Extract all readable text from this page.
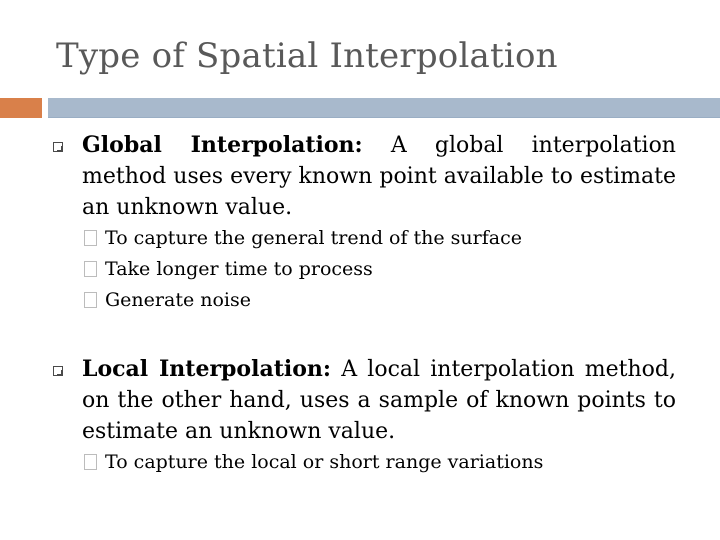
Type of Spatial Interpolation
Global Interpolation: A global interpolation method uses every known point available to estimate an unknown value.
To capture the general trend of the surface
Take longer time to process
Generate noise
Local Interpolation: A local interpolation method, on the other hand, uses a sample of known points to estimate an unknown value.
To capture the local or short range variations
